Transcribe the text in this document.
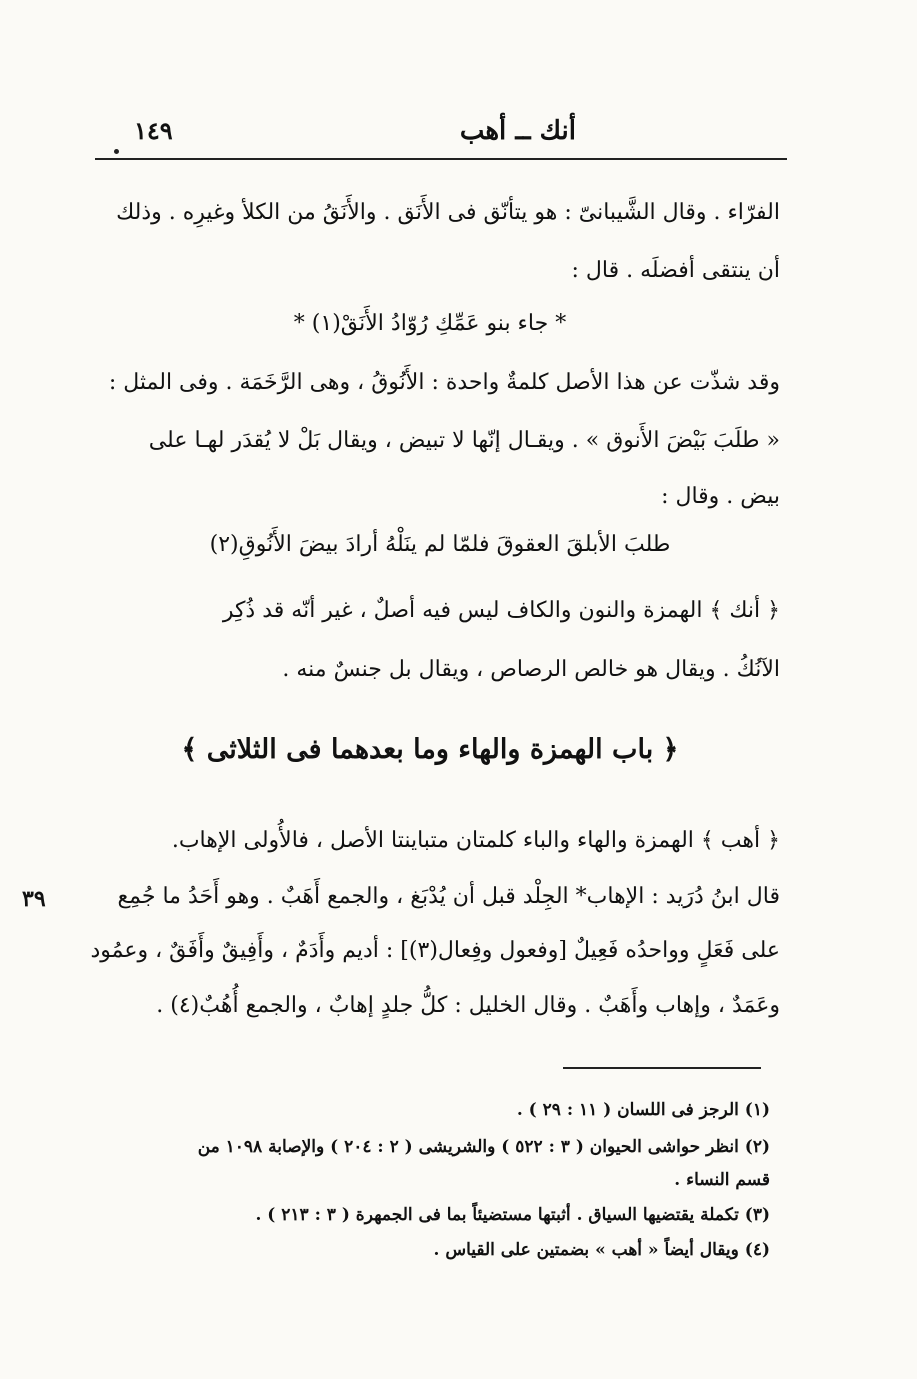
أنك ــ أهب
١٤٩
الفرّاء . وقال الشَّيبانىّ : هو يتأنّق فى الأَنَق . والأَنَقُ من الكلأ وغيرِه . وذلك
أن ينتقى أفضلَه . قال :
* جاء بنو عَمِّكِ رُوّادُ الأَنَقْ(١) *
وقد شذّت عن هذا الأصل كلمةٌ واحدة : الأَنُوقُ ، وهى الرَّخَمَة . وفى المثل :
« طلَبَ بَيْضَ الأَنوق » . ويقـال إنّها لا تبيض ، ويقال بَلْ لا يُقدَر لهـا على
بيض . وقال :
طلبَ الأبلقَ العقوقَ فلمّا لم ينَلْهُ أرادَ بيضَ الأَنُوقِ(٢)
﴿ أنك ﴾ الهمزة والنون والكاف ليس فيه أصلٌ ، غير أنّه قد ذُكِر
الآنُكُ . ويقال هو خالص الرصاص ، ويقال بل جنسٌ منه .
﴿ باب الهمزة والهاء وما بعدهما فى الثلاثى ﴾
﴿ أهب ﴾ الهمزة والهاء والباء كلمتان متباينتا الأصل ، فالأُولى الإهاب.
قال ابنُ دُرَيد : الإهاب* الجِلْد قبل أن يُدْبَغ ، والجمع أَهَبٌ . وهو أَحَدُ ما جُمِع
٣٩
على فَعَلٍ وواحدُه فَعِيلٌ [وفعول وفِعال(٣)] : أديم وأَدَمٌ ، وأَفِيقٌ وأَفَقٌ ، وعمُود
وعَمَدٌ ، وإهاب وأَهَبٌ . وقال الخليل : كلُّ جلدٍ إهابٌ ، والجمع أُهُبٌ(٤) .
(١) الرجز فى اللسان ( ١١ : ٢٩ ) .
(٢) انظر حواشى الحيوان ( ٣ : ٥٢٢ ) والشريشى ( ٢ : ٢٠٤ ) والإصابة ١٠٩٨ من
قسم النساء .
(٣) تكملة يقتضيها السياق . أثبتها مستضيئاً بما فى الجمهرة ( ٣ : ٢١٣ ) .
(٤) ويقال أيضاً « أهب » بضمتين على القياس .
